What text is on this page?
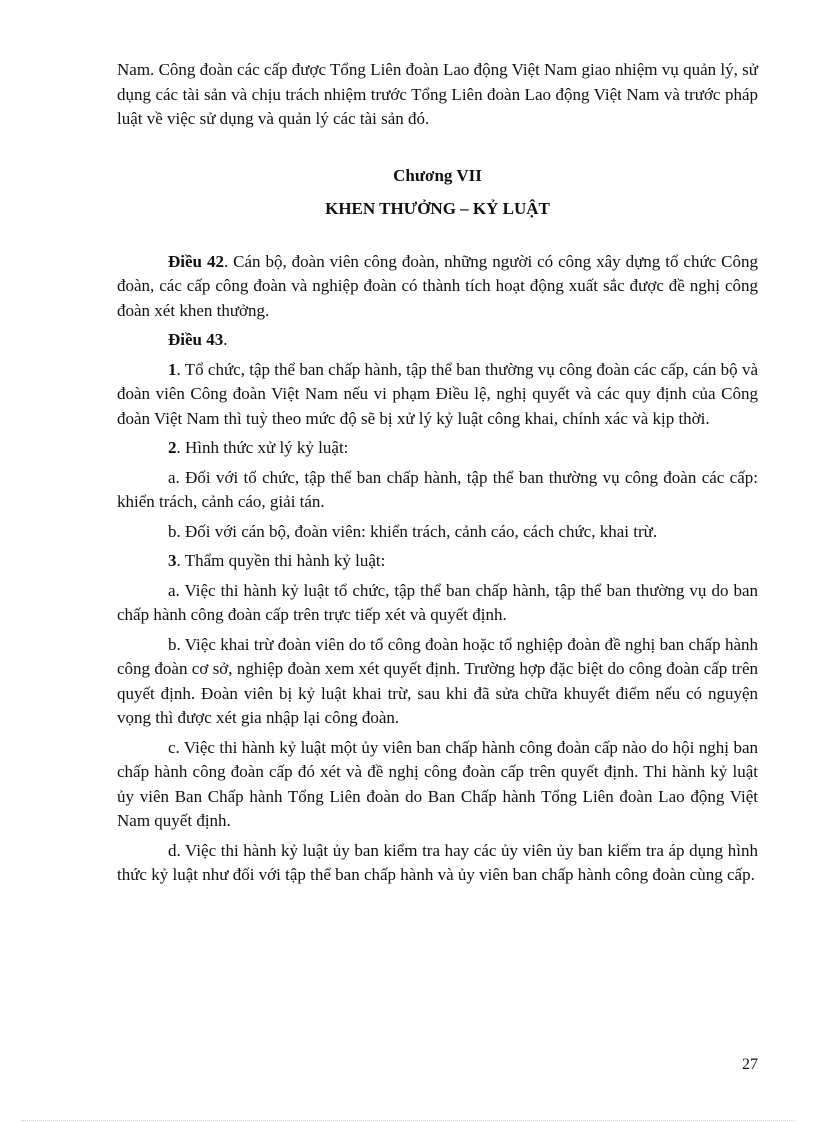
Nam. Công đoàn các cấp được Tổng Liên đoàn Lao động Việt Nam giao nhiệm vụ quản lý, sử dụng các tài sản và chịu trách nhiệm trước Tổng Liên đoàn Lao động Việt Nam và trước pháp luật về việc sử dụng và quản lý các tài sản đó.

Chương VII

KHEN THƯỞNG – KỶ LUẬT

Điều 42. Cán bộ, đoàn viên công đoàn, những người có công xây dựng tổ chức Công đoàn, các cấp công đoàn và nghiệp đoàn có thành tích hoạt động xuất sắc được đề nghị công đoàn xét khen thưởng.

Điều 43.

1. Tổ chức, tập thể ban chấp hành, tập thể ban thường vụ công đoàn các cấp, cán bộ và đoàn viên Công đoàn Việt Nam nếu vi phạm Điều lệ, nghị quyết và các quy định của Công đoàn Việt Nam thì tuỳ theo mức độ sẽ bị xử lý kỷ luật công khai, chính xác và kịp thời.

2. Hình thức xử lý kỷ luật:

a. Đối với tổ chức, tập thể ban chấp hành, tập thể ban thường vụ công đoàn các cấp: khiển trách, cảnh cáo, giải tán.

b. Đối với cán bộ, đoàn viên: khiển trách, cảnh cáo, cách chức, khai trừ.

3. Thẩm quyền thi hành kỷ luật:

a. Việc thi hành kỷ luật tổ chức, tập thể ban chấp hành, tập thể ban thường vụ do ban chấp hành công đoàn cấp trên trực tiếp xét và quyết định.

b. Việc khai trừ đoàn viên do tổ công đoàn hoặc tổ nghiệp đoàn đề nghị ban chấp hành công đoàn cơ sở, nghiệp đoàn xem xét quyết định. Trường hợp đặc biệt do công đoàn cấp trên quyết định. Đoàn viên bị kỷ luật khai trừ, sau khi đã sửa chữa khuyết điểm nếu có nguyện vọng thì được xét gia nhập lại công đoàn.

c. Việc thi hành kỷ luật một ủy viên ban chấp hành công đoàn cấp nào do hội nghị ban chấp hành công đoàn cấp đó xét và đề nghị công đoàn cấp trên quyết định. Thi hành kỷ luật ủy viên Ban Chấp hành Tổng Liên đoàn do Ban Chấp hành Tổng Liên đoàn Lao động Việt Nam quyết định.

d. Việc thi hành kỷ luật ủy ban kiểm tra hay các ủy viên ủy ban kiểm tra áp dụng hình thức kỷ luật như đối với tập thể ban chấp hành và ủy viên ban chấp hành công đoàn cùng cấp.

27
